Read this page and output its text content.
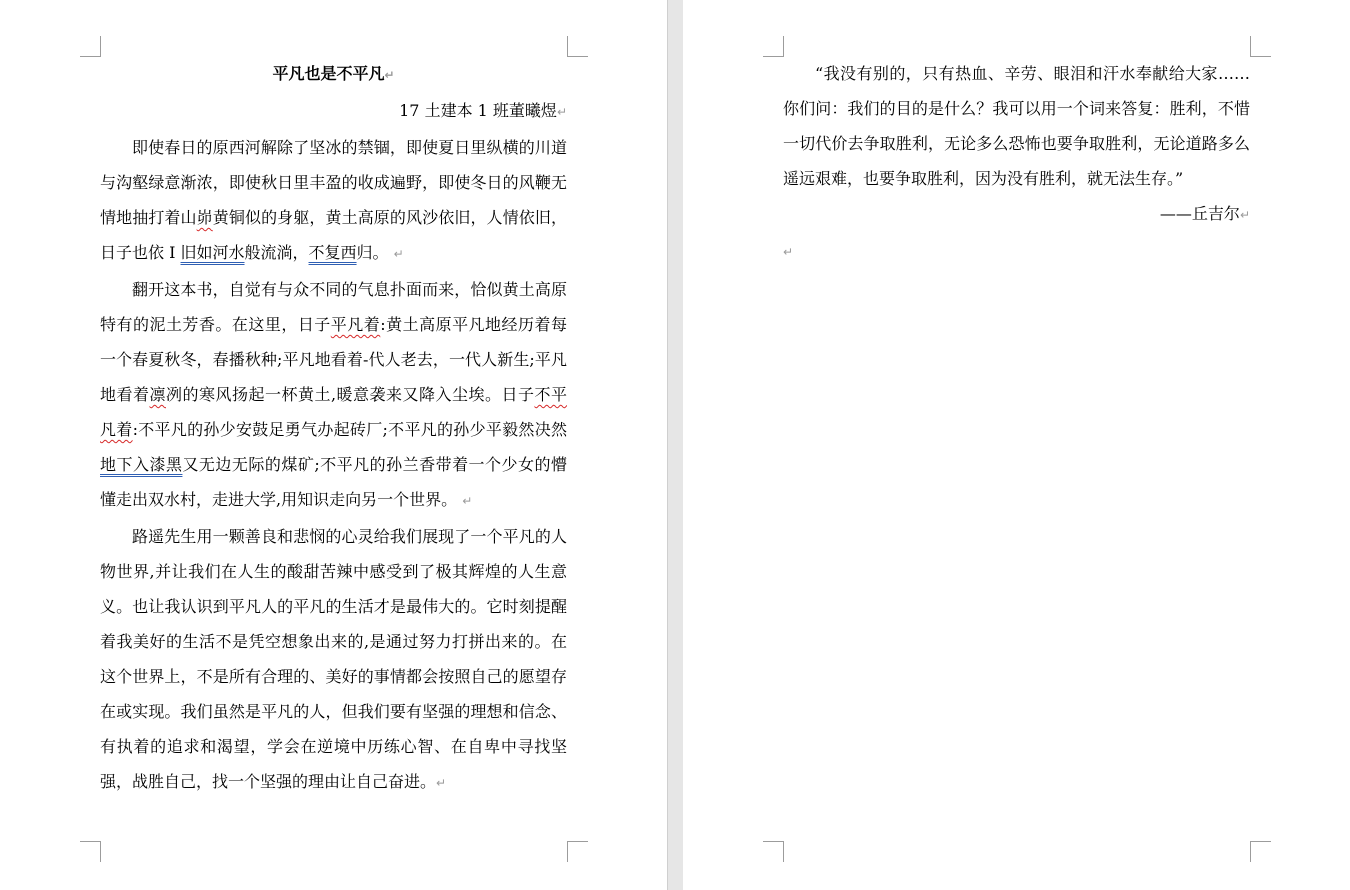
平凡也是不平凡↵

17 土建本 1 班董曦煜↵

即使春日的原西河解除了坚冰的禁锢，即使夏日里纵横的川道与沟壑绿意渐浓，即使秋日里丰盈的收成遍野，即使冬日的风鞭无情地抽打着山峁黄铜似的身躯，黄土高原的风沙依旧，人情依旧，日子也依 I 旧如河水般流淌，不复西归。 ↵

翻开这本书，自觉有与众不同的气息扑面而来，恰似黄土高原特有的泥土芳香。在这里，日子平凡着:黄土高原平凡地经历着每一个春夏秋冬，春播秋种;平凡地看着-代人老去，一代人新生;平凡地看着凛冽的寒风扬起一杯黄土,暖意袭来又降入尘埃。日子不平凡着:不平凡的孙少安鼓足勇气办起砖厂;不平凡的孙少平毅然决然地下入漆黑又无边无际的煤矿;不平凡的孙兰香带着一个少女的懵懂走出双水村，走进大学,用知识走向另一个世界。 ↵

路遥先生用一颗善良和悲悯的心灵给我们展现了一个平凡的人物世界,并让我们在人生的酸甜苦辣中感受到了极其辉煌的人生意义。也让我认识到平凡人的平凡的生活才是最伟大的。它时刻提醒着我美好的生活不是凭空想象出来的,是通过努力打拼出来的。在这个世界上，不是所有合理的、美好的事情都会按照自己的愿望存在或实现。我们虽然是平凡的人，但我们要有坚强的理想和信念、有执着的追求和渴望，学会在逆境中历练心智、在自卑中寻找坚强，战胜自己，找一个坚强的理由让自己奋进。↵

“我没有别的，只有热血、辛劳、眼泪和汗水奉献给大家……你们问：我们的目的是什么？我可以用一个词来答复：胜利，不惜一切代价去争取胜利，无论多么恐怖也要争取胜利，无论道路多么遥远艰难，也要争取胜利，因为没有胜利，就无法生存。”

——丘吉尔↵

↵
